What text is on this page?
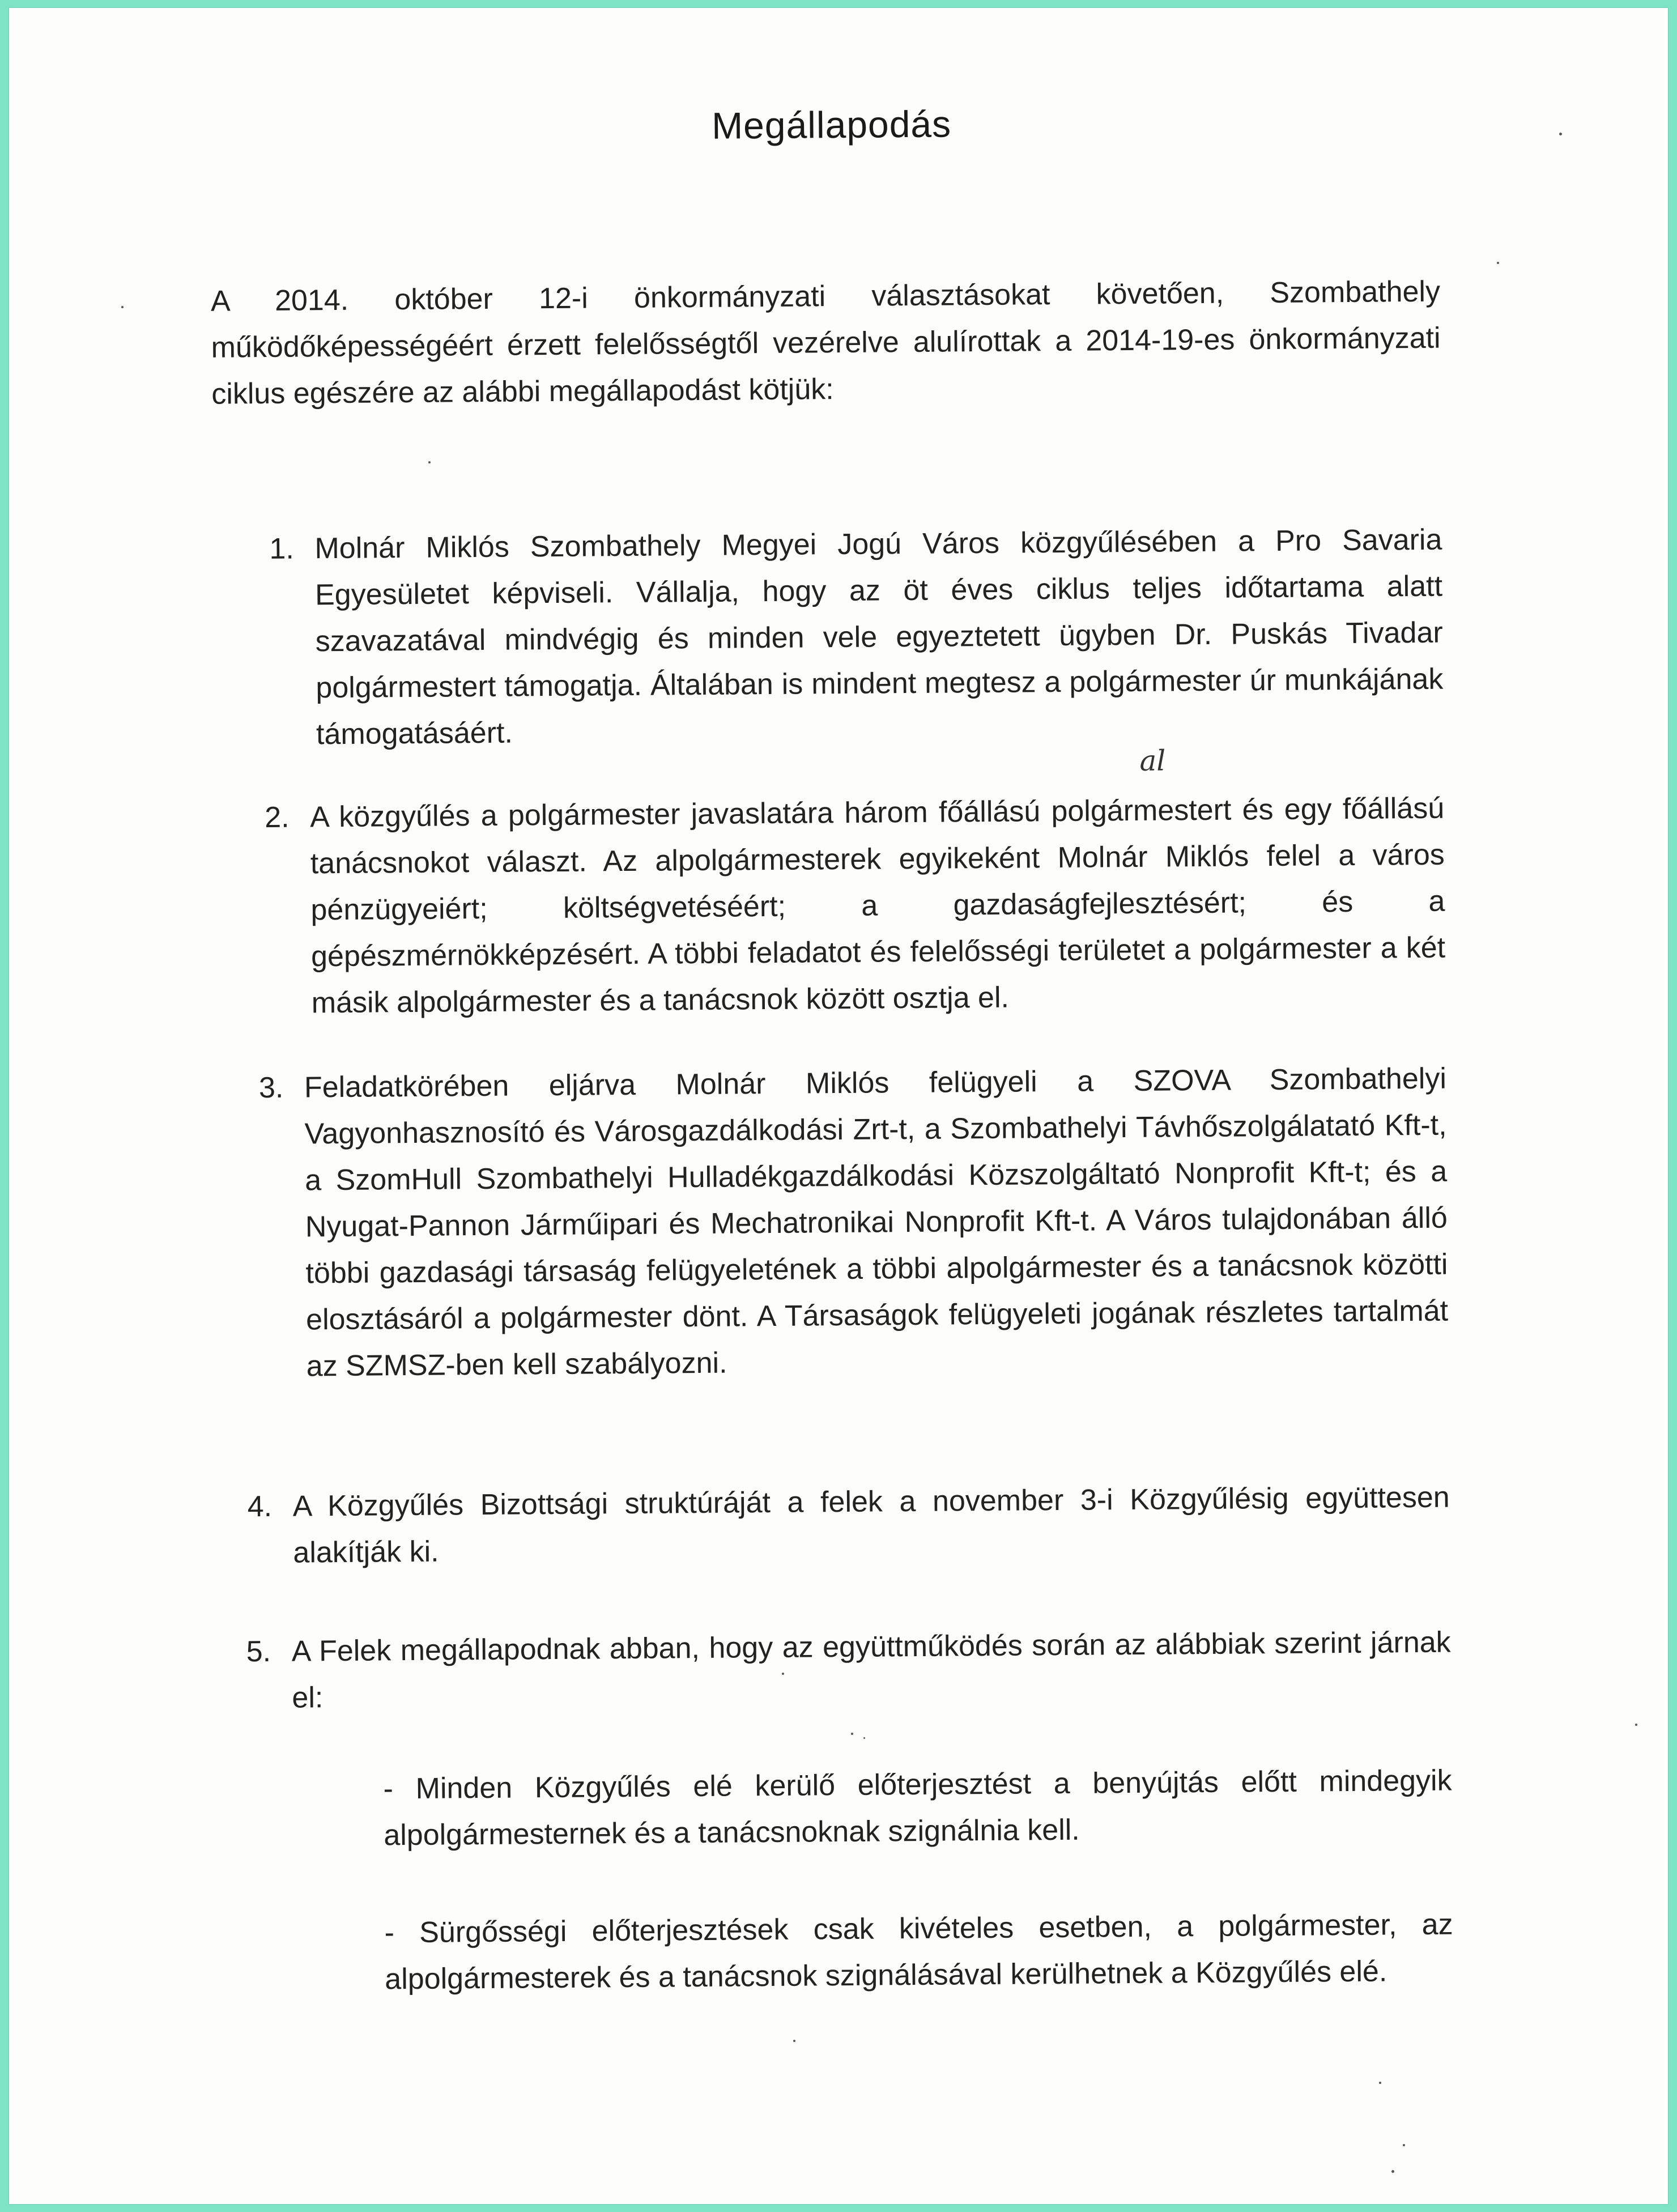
Megállapodás
A 2014. október 12-i önkormányzati választásokat követően, Szombathely működőképességéért érzett felelősségtől vezérelve alulírottak a 2014-19-es önkormányzati ciklus egészére az alábbi megállapodást kötjük:
1. Molnár Miklós Szombathely Megyei Jogú Város közgyűlésében a Pro Savaria Egyesületet képviseli. Vállalja, hogy az öt éves ciklus teljes időtartama alatt szavazatával mindvégig és minden vele egyeztetett ügyben Dr. Puskás Tivadar polgármestert támogatja. Általában is mindent megtesz a polgármester úr munkájának támogatásáért.
al
2. A közgyűlés a polgármester javaslatára három főállású polgármestert és egy főállású tanácsnokot választ. Az alpolgármesterek egyikeként Molnár Miklós felel a város pénzügyeiért; költségvetéséért; a gazdaságfejlesztésért; és a gépészmérnökképzésért. A többi feladatot és felelősségi területet a polgármester a két másik alpolgármester és a tanácsnok között osztja el.
3. Feladatkörében eljárva Molnár Miklós felügyeli a SZOVA Szombathelyi Vagyonhasznosító és Városgazdálkodási Zrt-t, a Szombathelyi Távhőszolgálatató Kft-t, a SzomHull Szombathelyi Hulladékgazdálkodási Közszolgáltató Nonprofit Kft-t; és a Nyugat-Pannon Járműipari és Mechatronikai Nonprofit Kft-t. A Város tulajdonában álló többi gazdasági társaság felügyeletének a többi alpolgármester és a tanácsnok közötti elosztásáról a polgármester dönt. A Társaságok felügyeleti jogának részletes tartalmát az SZMSZ-ben kell szabályozni.
4. A Közgyűlés Bizottsági struktúráját a felek a november 3-i Közgyűlésig együttesen alakítják ki.
5. A Felek megállapodnak abban, hogy az együttműködés során az alábbiak szerint járnak el:
- Minden Közgyűlés elé kerülő előterjesztést a benyújtás előtt mindegyik alpolgármesternek és a tanácsnoknak szignálnia kell.
- Sürgősségi előterjesztések csak kivételes esetben, a polgármester, az alpolgármesterek és a tanácsnok szignálásával kerülhetnek a Közgyűlés elé.
